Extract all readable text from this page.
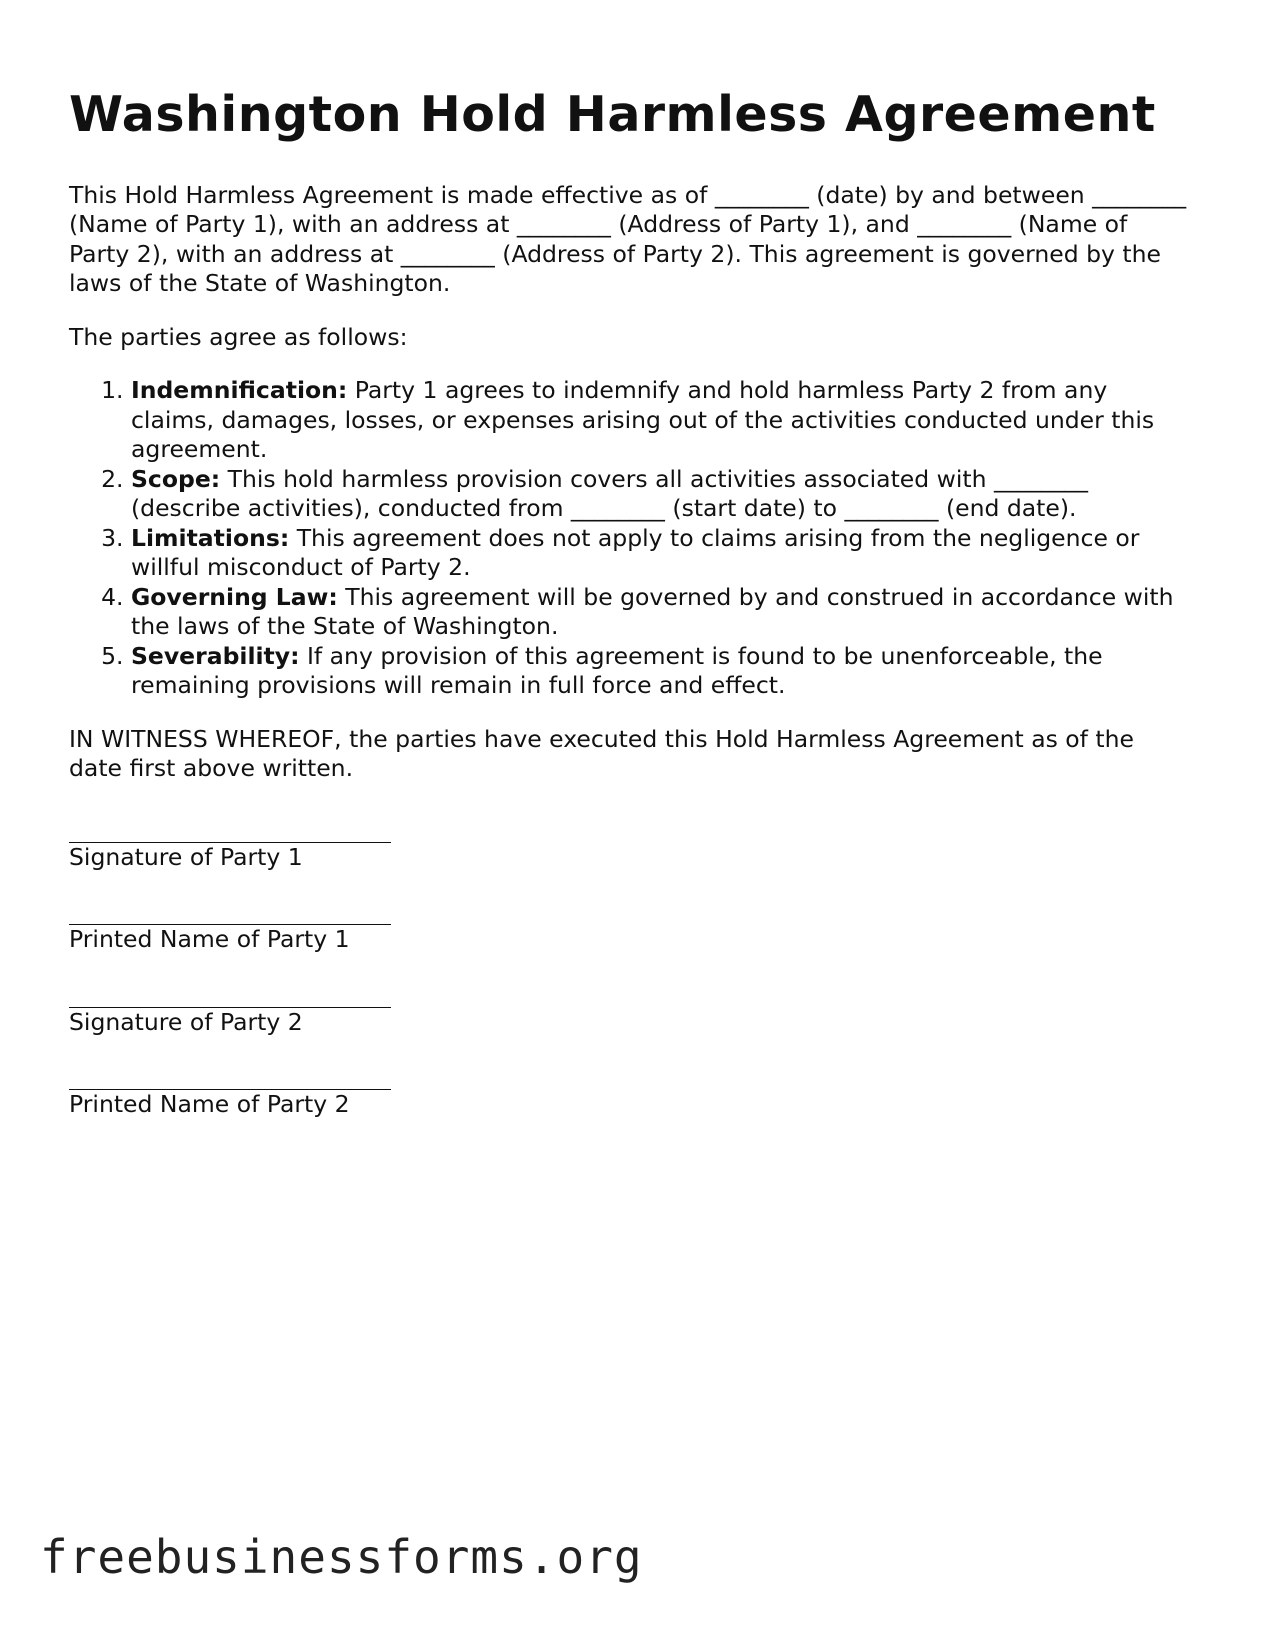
Washington Hold Harmless Agreement

This Hold Harmless Agreement is made effective as of ________ (date) by and between ________ (Name of Party 1), with an address at ________ (Address of Party 1), and ________ (Name of Party 2), with an address at ________ (Address of Party 2). This agreement is governed by the laws of the State of Washington.

The parties agree as follows:

1. Indemnification: Party 1 agrees to indemnify and hold harmless Party 2 from any claims, damages, losses, or expenses arising out of the activities conducted under this agreement.
2. Scope: This hold harmless provision covers all activities associated with ________ (describe activities), conducted from ________ (start date) to ________ (end date).
3. Limitations: This agreement does not apply to claims arising from the negligence or willful misconduct of Party 2.
4. Governing Law: This agreement will be governed by and construed in accordance with the laws of the State of Washington.
5. Severability: If any provision of this agreement is found to be unenforceable, the remaining provisions will remain in full force and effect.

IN WITNESS WHEREOF, the parties have executed this Hold Harmless Agreement as of the date first above written.

Signature of Party 1
Printed Name of Party 1
Signature of Party 2
Printed Name of Party 2
freebusinessforms.org
